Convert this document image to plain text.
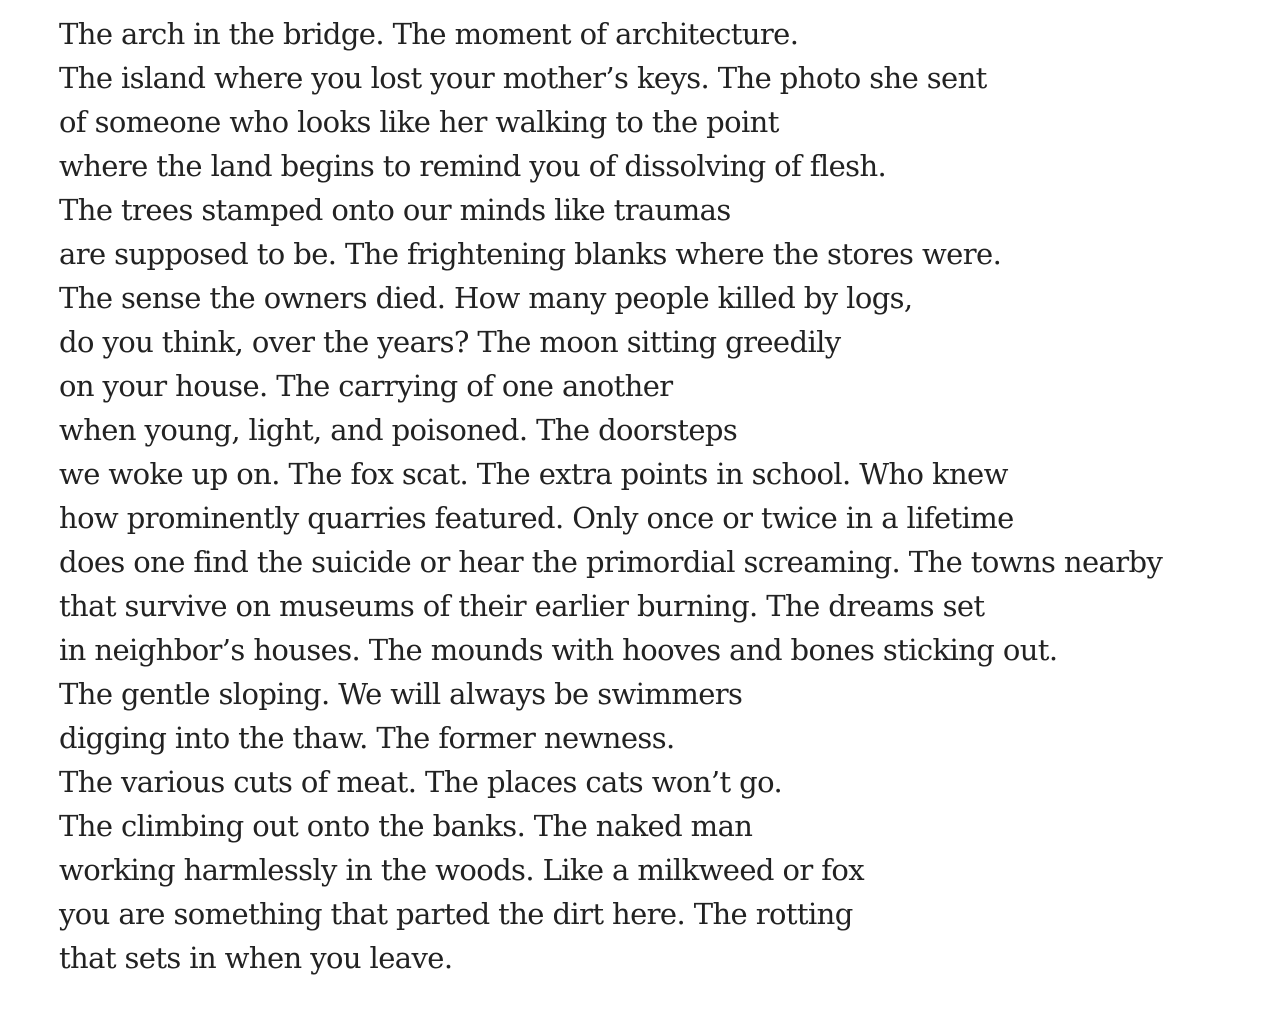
The arch in the bridge. The moment of architecture.
The island where you lost your mother’s keys. The photo she sent
of someone who looks like her walking to the point
where the land begins to remind you of dissolving of flesh.
The trees stamped onto our minds like traumas
are supposed to be. The frightening blanks where the stores were.
The sense the owners died. How many people killed by logs,
do you think, over the years? The moon sitting greedily
on your house. The carrying of one another
when young, light, and poisoned. The doorsteps
we woke up on. The fox scat. The extra points in school. Who knew
how prominently quarries featured. Only once or twice in a lifetime
does one find the suicide or hear the primordial screaming. The towns nearby
that survive on museums of their earlier burning. The dreams set
in neighbor’s houses. The mounds with hooves and bones sticking out.
The gentle sloping. We will always be swimmers
digging into the thaw. The former newness.
The various cuts of meat. The places cats won’t go.
The climbing out onto the banks. The naked man
working harmlessly in the woods. Like a milkweed or fox
you are something that parted the dirt here. The rotting
that sets in when you leave.
